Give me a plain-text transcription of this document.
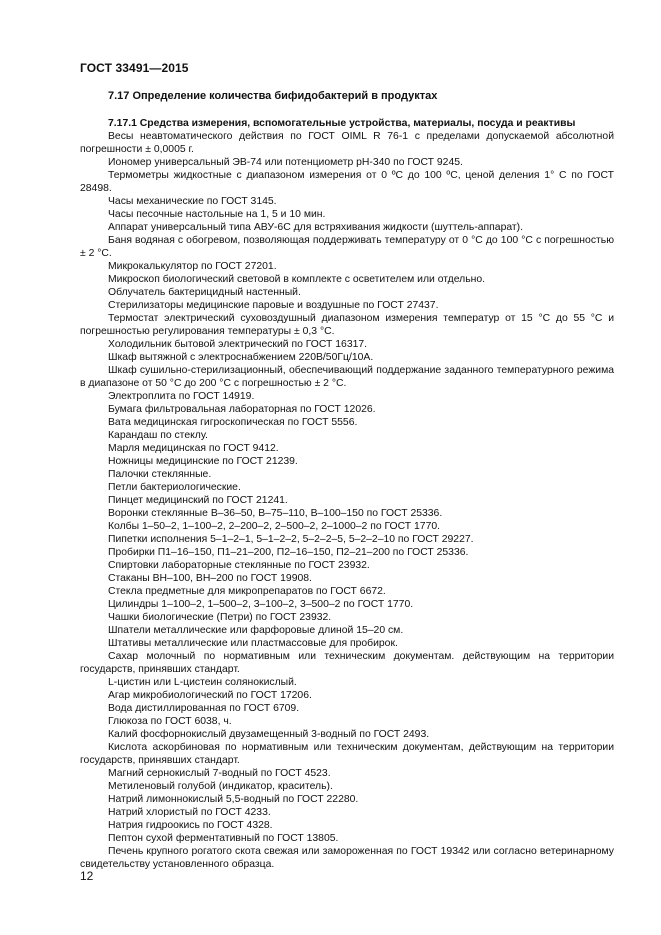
ГОСТ 33491—2015
7.17 Определение количества бифидобактерий в продуктах

7.17.1 Средства измерения, вспомогательные устройства, материалы, посуда и реактивы

Весы неавтоматического действия по ГОСТ OIML R 76-1 с пределами допускаемой абсолютной погрешности ± 0,0005 г.

Иономер универсальный ЭВ-74 или потенциометр pH-340 по ГОСТ 9245.

Термометры жидкостные с диапазоном измерения от 0 ºС до 100 ºС, ценой деления 1° С по ГОСТ 28498.

Часы механические по ГОСТ 3145.

Часы песочные настольные на 1, 5 и 10 мин.

Аппарат универсальный типа АВУ-6С для встряхивания жидкости (шуттель-аппарат).

Баня водяная с обогревом, позволяющая поддерживать температуру от 0 °С до 100 °С с погрешностью ± 2 °С.

Микрокалькулятор по ГОСТ 27201.

Микроскоп биологический световой в комплекте с осветителем или отдельно.

Облучатель бактерицидный настенный.

Стерилизаторы медицинские паровые и воздушные по ГОСТ 27437.

Термостат электрический суховоздушный диапазоном измерения температур от 15 °С до 55 °С и погрешностью регулирования температуры ± 0,3 °С.

Холодильник бытовой электрический по ГОСТ 16317.

Шкаф вытяжной с электроснабжением 220В/50Гц/10А.

Шкаф сушильно-стерилизационный, обеспечивающий поддержание заданного температурного режима в диапазоне от 50 °С до 200 °С с погрешностью ± 2 °С.

Электроплита по ГОСТ 14919.

Бумага фильтровальная лабораторная по ГОСТ 12026.

Вата медицинская гигроскопическая по ГОСТ 5556.

Карандаш по стеклу.

Марля медицинская по ГОСТ 9412.

Ножницы медицинские по ГОСТ 21239.

Палочки стеклянные.

Петли бактериологические.

Пинцет медицинский по ГОСТ 21241.

Воронки стеклянные В–36–50, В–75–110, В–100–150 по ГОСТ 25336.

Колбы 1–50–2, 1–100–2, 2–200–2, 2–500–2, 2–1000–2 по ГОСТ 1770.

Пипетки исполнения 5–1–2–1, 5–1–2–2, 5–2–2–5, 5–2–2–10 по ГОСТ 29227.

Пробирки П1–16–150, П1–21–200, П2–16–150, П2–21–200 по ГОСТ 25336.

Спиртовки лабораторные стеклянные по ГОСТ 23932.

Стаканы ВН–100, ВН–200 по ГОСТ 19908.

Стекла предметные для микропрепаратов по ГОСТ 6672.

Цилиндры 1–100–2, 1–500–2, 3–100–2, 3–500–2 по ГОСТ 1770.

Чашки биологические (Петри) по ГОСТ 23932.

Шпатели металлические или фарфоровые длиной 15–20 см.

Штативы металлические или пластмассовые для пробирок.

Сахар молочный по нормативным или техническим документам. действующим на территории государств, принявших стандарт.

L-цистин или L-цистеин солянокислый.

Агар микробиологический по ГОСТ 17206.

Вода дистиллированная по ГОСТ 6709.

Глюкоза по ГОСТ 6038, ч.

Калий фосфорнокислый двузамещенный 3-водный по ГОСТ 2493.

Кислота аскорбиновая по нормативным или техническим документам, действующим на территории государств, принявших стандарт.

Магний сернокислый 7-водный по ГОСТ 4523.

Метиленовый голубой (индикатор, краситель).

Натрий лимоннокислый 5,5-водный по ГОСТ 22280.

Натрий хлористый по ГОСТ 4233.

Натрия гидроокись по ГОСТ 4328.

Пептон сухой ферментативный по ГОСТ 13805.

Печень крупного рогатого скота свежая или замороженная по ГОСТ 19342 или согласно ветеринарному свидетельству установленного образца.

12
